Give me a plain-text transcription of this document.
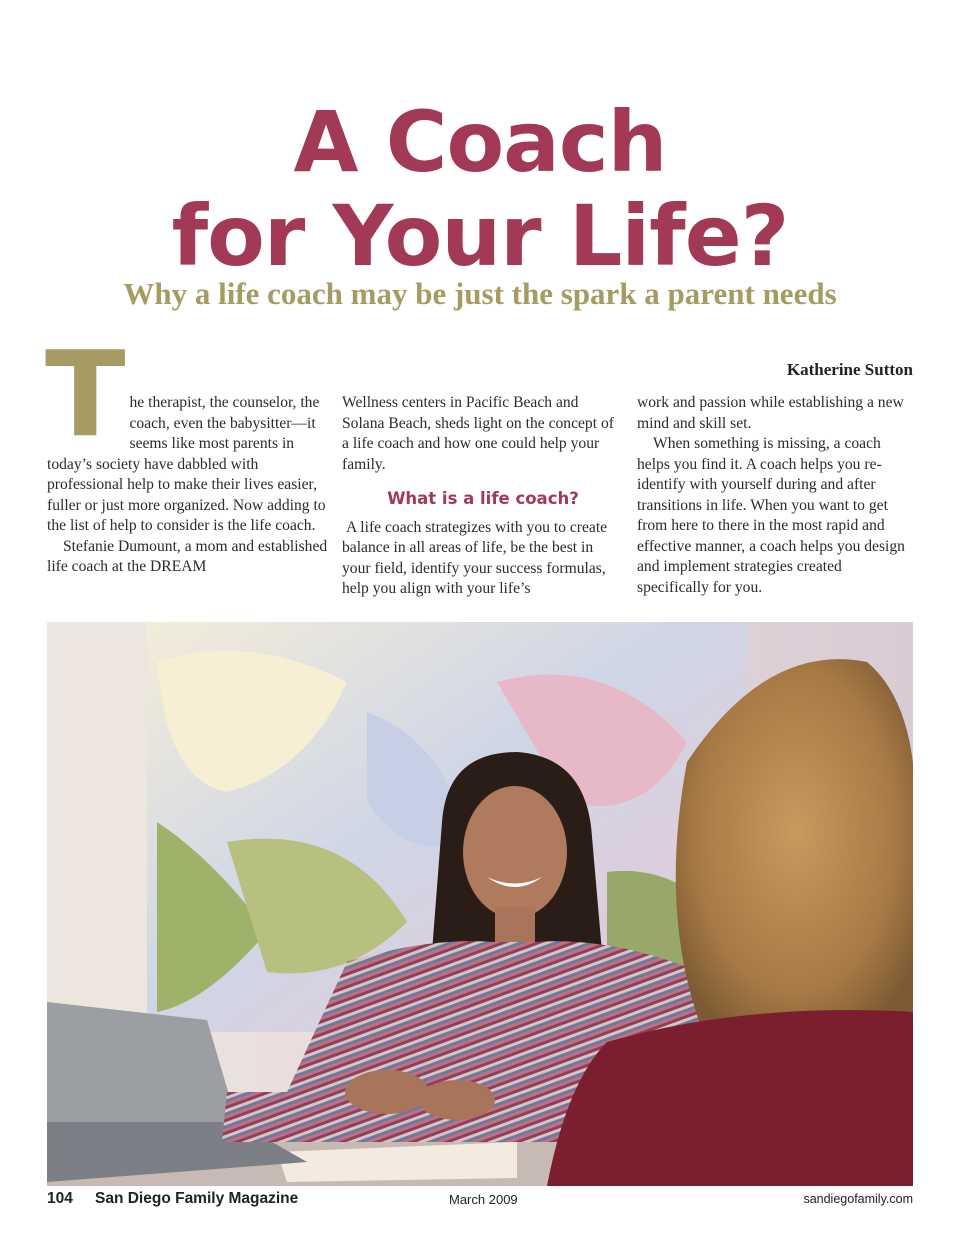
A Coach
for Your Life?
Why a life coach may be just the spark a parent needs
Katherine Sutton

The therapist, the counselor, the coach, even the babysitter—it seems like most parents in today’s society have dabbled with professional help to make their lives easier, fuller or just more organized. Now adding to the list of help to consider is the life coach.

Stefanie Dumount, a mom and established life coach at the DREAM

Wellness centers in Pacific Beach and Solana Beach, sheds light on the concept of a life coach and how one could help your family.

What is a life coach?

A life coach strategizes with you to create balance in all areas of life, be the best in your field, identify your success formulas, help you align with your life’s

work and passion while establishing a new mind and skill set.

When something is missing, a coach helps you find it. A coach helps you re-identify with yourself during and after transitions in life. When you want to get from here to there in the most rapid and effective manner, a coach helps you design and implement strategies created specifically for you.

104 San Diego Family Magazine	March 2009	sandiegofamily.com
